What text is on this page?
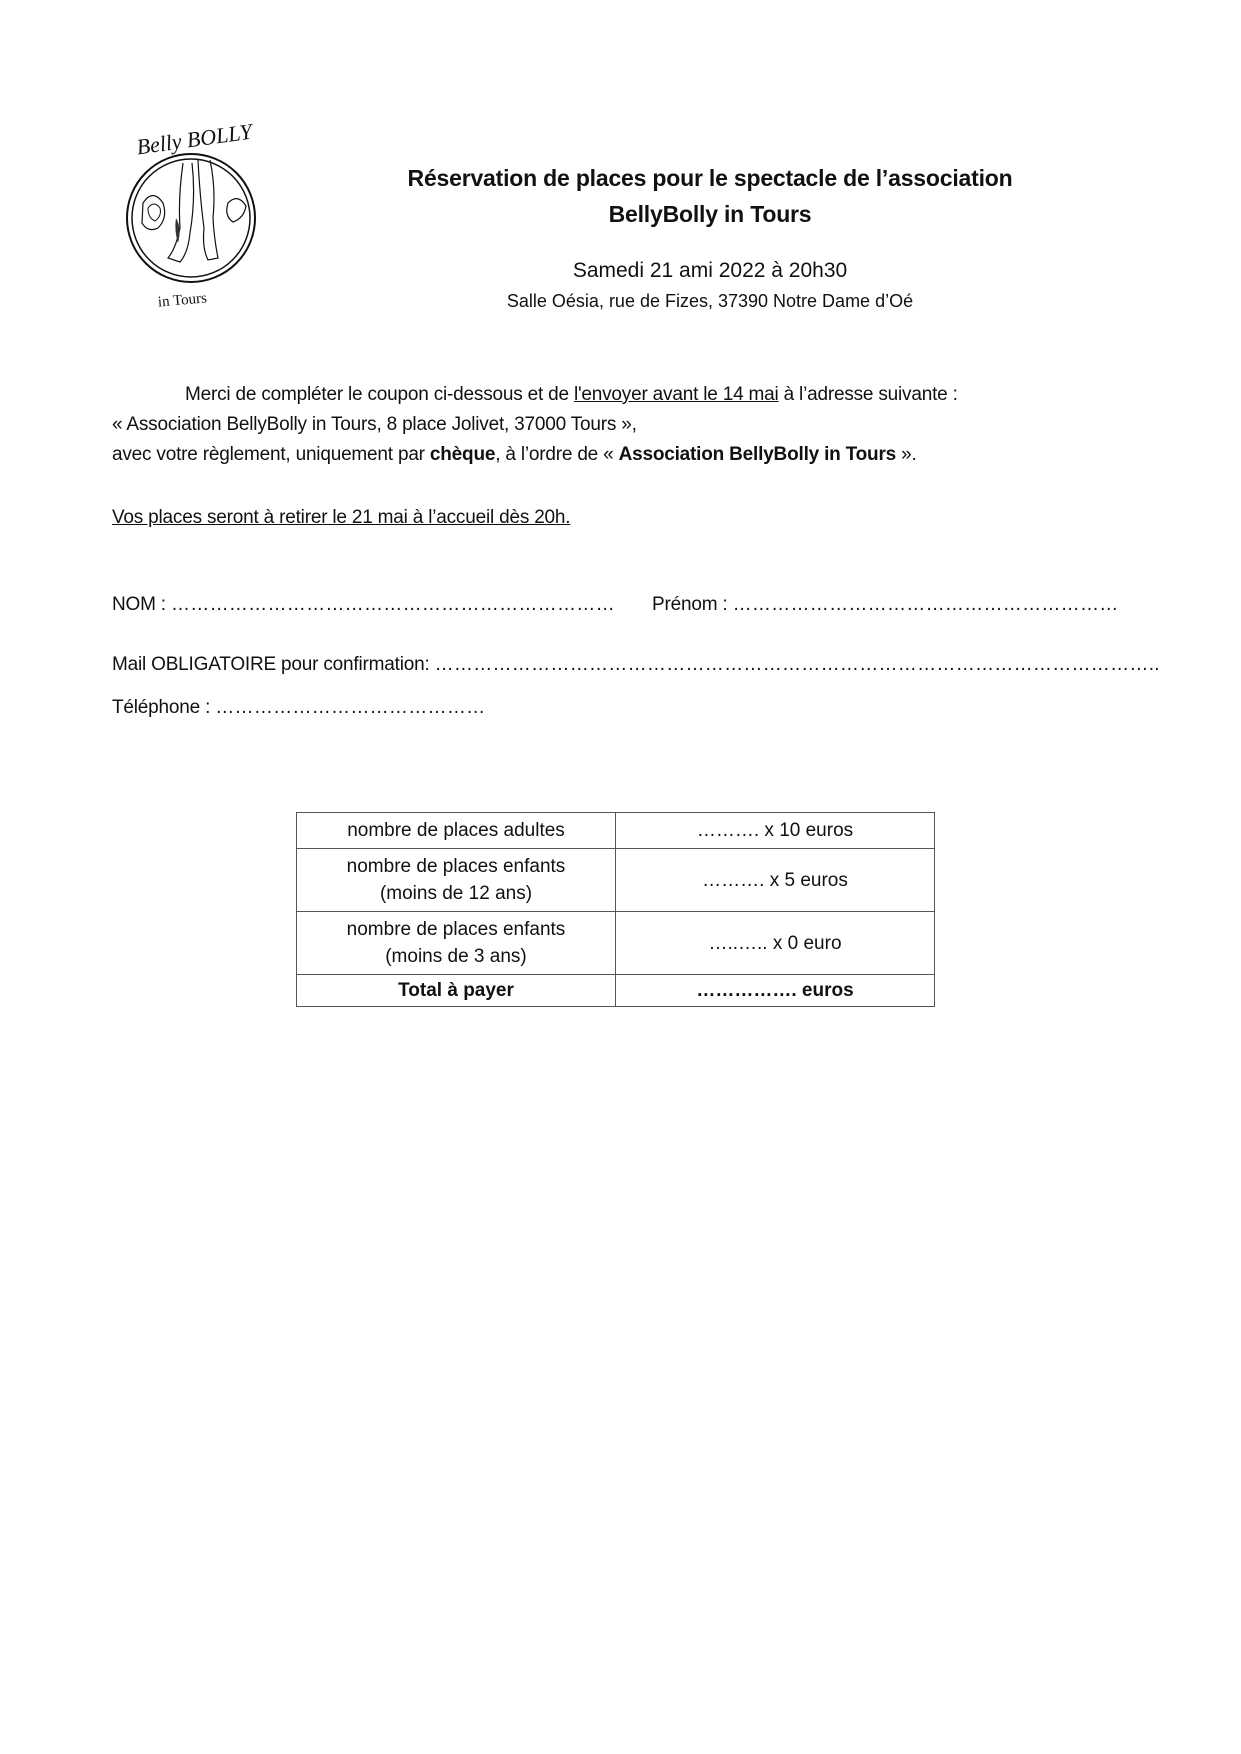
Belly BOLLY
in Tours
Réservation de places pour le spectacle de l’association
BellyBolly in Tours
Samedi 21 ami 2022 à 20h30
Salle Oésia, rue de Fizes, 37390 Notre Dame d’Oé
Merci de compléter le coupon ci-dessous et de l'envoyer avant le 14 mai à l’adresse suivante :
« Association BellyBolly in Tours, 8 place Jolivet, 37000 Tours »,
avec votre règlement, uniquement par chèque, à l’ordre de « Association BellyBolly in Tours ».
Vos places seront à retirer le 21 mai à l’accueil dès 20h.
NOM : …………………………………………………………… Prénom : ……………………………………………………
Mail OBLIGATOIRE pour confirmation: …………………………………………………………………………………………………..
Téléphone : ……………………………………
nombre de places adultes	………. x 10 euros

nombre de places enfants
(moins de 12 ans)	………. x 5 euros

nombre de places enfants
(moins de 3 ans)	…..….. x 0 euro
Total à payer	……………. euros
